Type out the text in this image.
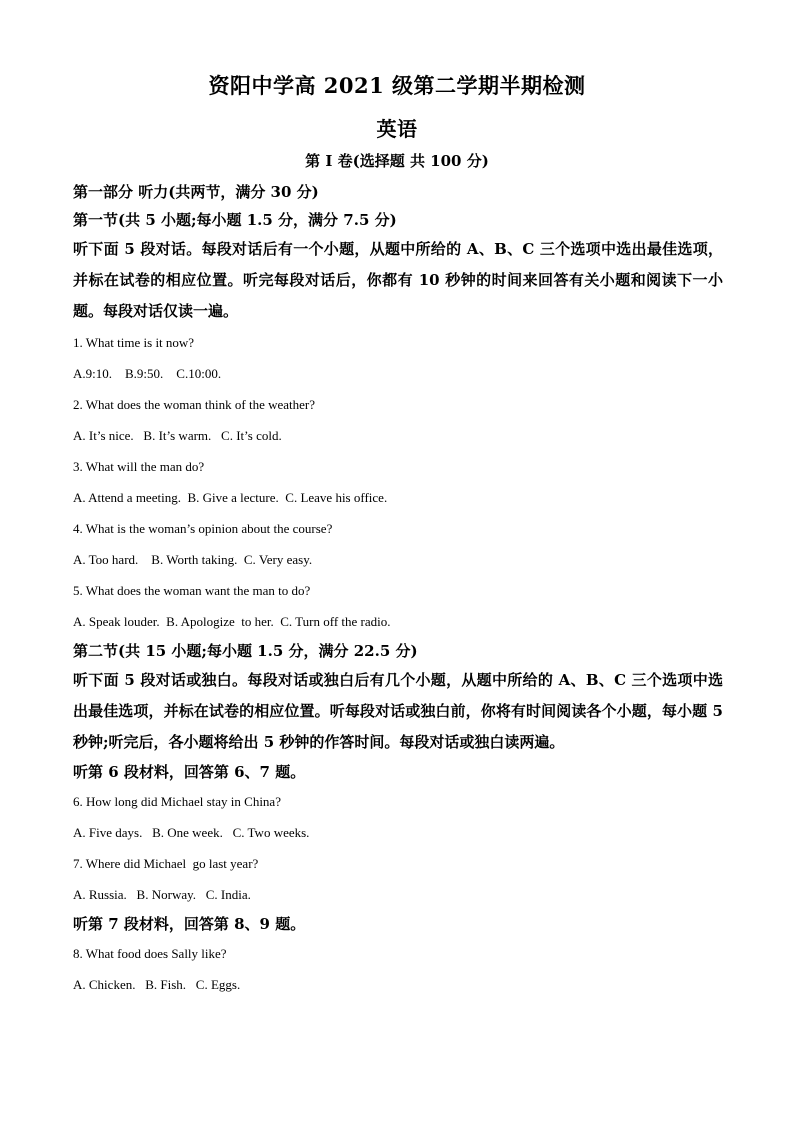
资阳中学高 2021 级第二学期半期检测
英语
第 I 卷(选择题 共 100 分)
第一部分 听力(共两节，满分 30 分)
第一节(共 5 小题;每小题 1.5 分，满分 7.5 分)
听下面 5 段对话。每段对话后有一个小题，从题中所给的 A、B、C 三个选项中选出最佳选项，并标在试卷的相应位置。听完每段对话后，你都有 10 秒钟的时间来回答有关小题和阅读下一小题。每段对话仅读一遍。
1. What time is it now?
A.9:10.    B.9:50.    C.10:00.
2. What does the woman think of the weather?
A. It’s nice.   B. It’s warm.   C. It’s cold.
3. What will the man do?
A. Attend a meeting.  B. Give a lecture.  C. Leave his office.
4. What is the woman’s opinion about the course?
A. Too hard.    B. Worth taking.  C. Very easy.
5. What does the woman want the man to do?
A. Speak louder.  B. Apologize  to her.  C. Turn off the radio.
第二节(共 15 小题;每小题 1.5 分，满分 22.5 分)
听下面 5 段对话或独白。每段对话或独白后有几个小题，从题中所给的 A、B、C 三个选项中选出最佳选项，并标在试卷的相应位置。听每段对话或独白前，你将有时间阅读各个小题，每小题 5 秒钟;听完后，各小题将给出 5 秒钟的作答时间。每段对话或独白读两遍。
听第 6 段材料，回答第 6、7 题。
6. How long did Michael stay in China?
A. Five days.   B. One week.   C. Two weeks.
7. Where did Michael  go last year?
A. Russia.   B. Norway.   C. India.
听第 7 段材料，回答第 8、9 题。
8. What food does Sally like?
A. Chicken.   B. Fish.   C. Eggs.
